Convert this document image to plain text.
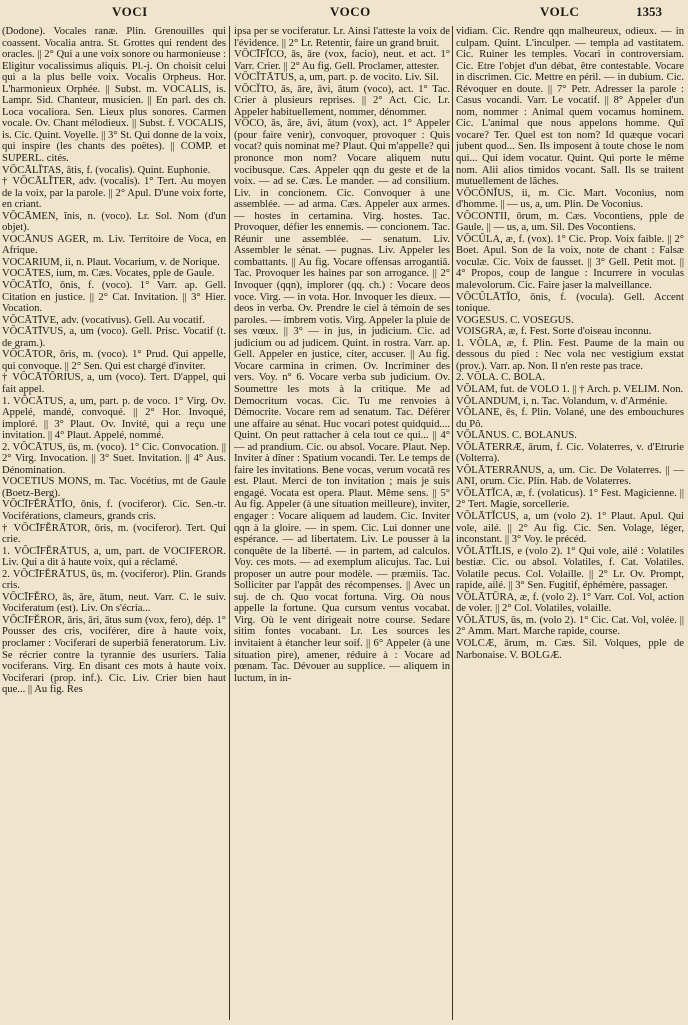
VOCI	VOCO	VOLC	1353

(Dodone). Vocales ranæ. Plin. Grenouilles qui coassent. Vocalia antra. St. Grottes qui rendent des oracles. || 2° Qui a une voix sonore ou harmonieuse : Eligitur vocalissimus aliquis. Pl.-j. On choisit celui qui a la plus belle voix. Vocalis Orpheus. Hor. L'harmonieux Orphée. || Subst. m. VOCALIS, is. Lampr. Sid. Chanteur, musicien. || En parl. des ch. Loca vocaliora. Sen. Lieux plus sonores. Carmen vocale. Ov. Chant mélodieux. || Subst. f. VOCALIS, is. Cic. Quint. Voyelle. || 3° St. Qui donne de la voix, qui inspire (les chants des poëtes). || COMP. et SUPERL. cités.

VŌCĀLĬTAS, ātis, f. (vocalis). Quint. Euphonie.

† VŌCĀLĬTER, adv. (vocalis). 1° Tert. Au moyen de la voix, par la parole. || 2° Apul. D'une voix forte, en criant.

VŌCĀMEN, ĭnis, n. (voco). Lr. Sol. Nom (d'un objet).

VOCĀNUS AGER, m. Liv. Territoire de Voca, en Afrique.

VOCARIUM, ii, n. Plaut. Vocarium, v. de Norique.

VOCĀTES, ium, m. Cæs. Vocates, pple de Gaule.

VŎCĀTĬO, ōnis, f. (voco). 1° Varr. ap. Gell. Citation en justice. || 2° Cat. Invitation. || 3° Hier. Vocation.

VŎCĀTĪVE, adv. (vocativus). Gell. Au vocatif.

VŎCĀTĪVUS, a, um (voco). Gell. Prisc. Vocatif (t. de gram.).

VŎCĀTOR, ōris, m. (voco). 1° Prud. Qui appelle, qui convoque. || 2° Sen. Qui est chargé d'inviter.

† VŎCĀTŌRIUS, a, um (voco). Tert. D'appel, qui fait appel.

1. VŎCĀTUS, a, um, part. p. de voco. 1° Virg. Ov. Appelé, mandé, convoqué. || 2° Hor. Invoqué, imploré. || 3° Plaut. Ov. Invité, qui a reçu une invitation. || 4° Plaut. Appelé, nommé.

2. VŎCĀTUS, ūs, m. (voco). 1° Cic. Convocation. || 2° Virg. Invocation. || 3° Suet. Invitation. || 4° Aus. Dénomination.

VOCETIUS MONS, m. Tac. Vocétius, mt de Gaule (Boetz-Berg).

VŌCĪFĔRĀTĬO, ōnis, f. (vociferor). Cic. Sen.-tr. Vociférations, clameurs, grands cris.

† VŌCĪFĔRĀTOR, ōris, m. (vociferor). Tert. Qui crie.

1. VŌCĪFĔRĀTUS, a, um, part. de VOCIFEROR. Liv. Qui a dit à haute voix, qui a réclamé.

2. VŌCĪFĔRĀTUS, ūs, m. (vociferor). Plin. Grands cris.

VŌCĪFĔRO, ās, āre, ātum, neut. Varr. C. le suiv. Vociferatum (est). Liv. On s'écria...

VŌCĪFĔROR, āris, āri, ātus sum (vox, fero), dép. 1° Pousser des cris, vociférer, dire à haute voix, proclamer : Vociferari de superbiā feneratorum. Liv. Se récrier contre la tyrannie des usuriers. Talia vociferans. Virg. En disant ces mots à haute voix. Vociferari (prop. inf.). Cic. Liv. Crier bien haut que... || Au fig. Res

ipsa per se vociferatur. Lr. Ainsi l'atteste la voix de l'évidence. || 2° Lr. Retentir, faire un grand bruit.

VŌCĪFĬCO, ās, āre (vox, facio), neut. et act. 1° Varr. Crier. || 2° Au fig. Gell. Proclamer, attester.

VŌCĬTĀTUS, a, um, part. p. de vocito. Liv. Sil.

VŌCĬTO, ās, āre, āvi, ātum (voco), act. 1° Tac. Crier à plusieurs reprises. || 2° Act. Cic. Lr. Appeler habituellement, nommer, dénommer.

VŌCO, ās, āre, āvi, ātum (vox), act. 1° Appeler (pour faire venir), convoquer, provoquer : Quis vocat? quis nominat me? Plaut. Qui m'appelle? qui prononce mon nom? Vocare aliquem nutu vocibusque. Cæs. Appeler qqn du geste et de la voix. — ad se. Cæs. Le mander. — ad consilium. Liv. in concionem. Cic. Convoquer à une assemblée. — ad arma. Cæs. Appeler aux armes. — hostes in certamina. Virg. hostes. Tac. Provoquer, défier les ennemis. — concionem. Tac. Réunir une assemblée. — senatum. Liv. Assembler le sénat. — pugnas. Liv. Appeler les combattants. || Au fig. Vocare offensas arrogantiā. Tac. Provoquer les haines par son arrogance. || 2° Invoquer (qqn), implorer (qq. ch.) : Vocare deos voce. Virg. — in vota. Hor. Invoquer les dieux. — deos in verba. Ov. Prendre le ciel à témoin de ses paroles. — imbrem votis. Virg. Appeler la pluie de ses vœux. || 3° — in jus, in judicium. Cic. ad judicium ou ad judicem. Quint. in rostra. Varr. ap. Gell. Appeler en justice, citer, accuser. || Au fig. Vocare carmina in crimen. Ov. Incriminer des vers. Voy. n° 6. Vocare verba sub judicium. Ov. Soumettre les mots à la critique. Me ad Democritum vocas. Cic. Tu me renvoies à Démocrite. Vocare rem ad senatum. Tac. Déférer une affaire au sénat. Huc vocari potest quidquid.... Quint. On peut rattacher à cela tout ce qui... || 4° — ad prandium. Cic. ou absol. Vocare. Plaut. Nep. Inviter à dîner : Spatium vocandi. Ter. Le temps de faire les invitations. Bene vocas, verum vocatā res est. Plaut. Merci de ton invitation ; mais je suis engagé. Vocata est opera. Plaut. Même sens. || 5° Au fig. Appeler (à une situation meilleure), inviter, engager : Vocare aliquem ad laudem. Cic. Inviter qqn à la gloire. — in spem. Cic. Lui donner une espérance. — ad libertatem. Liv. Le pousser à la conquête de la liberté. — in partem, ad calculos. Voy. ces mots. — ad exemplum alicujus. Tac. Lui proposer un autre pour modèle. — præmiis. Tac. Solliciter par l'appât des récompenses. || Avec un suj. de ch. Quo vocat fortuna. Virg. Où nous appelle la fortune. Qua cursum ventus vocabat. Virg. Où le vent dirigeait notre course. Sedare sitim fontes vocabant. Lr. Les sources les invitaient à étancher leur soif. || 6° Appeler (à une situation pire), amener, réduire à : Vocare ad pœnam. Tac. Dévouer au supplice. — aliquem in luctum, in in-

vidiam. Cic. Rendre qqn malheureux, odieux. — in culpam. Quint. L'inculper. — templa ad vastitatem. Cic. Ruiner les temples. Vocari in controversiam. Cic. Etre l'objet d'un débat, être contestable. Vocare in discrimen. Cic. Mettre en péril. — in dubium. Cic. Révoquer en doute. || 7° Petr. Adresser la parole : Casus vocandi. Varr. Le vocatif. || 8° Appeler d'un nom, nommer : Animal quem vocamus hominem. Cic. L'animal que nous appelons homme. Quî vocare? Ter. Quel est ton nom? Id quæque vocari jubent quod... Sen. Ils imposent à toute chose le nom qui... Qui idem vocatur. Quint. Qui porte le même nom. Alii alios timidos vocant. Sall. Ils se traitent mutuellement de lâches.

VŎCŌNĬUS, ii, m. Cic. Mart. Voconius, nom d'homme. || — us, a, um. Plin. De Voconius.

VŎCONTII, ōrum, m. Cæs. Vocontiens, pple de Gaule. || — us, a, um. Sil. Des Vocontiens.

VŌCŬLA, æ, f. (vox). 1° Cic. Prop. Voix faible. || 2° Boet. Apul. Son de la voix, note de chant : Falsæ voculæ. Cic. Voix de fausset. || 3° Gell. Petit mot. || 4° Propos, coup de langue : Incurrere in voculas malevolorum. Cic. Faire jaser la malveillance.

VŌCŬLĀTĬO, ōnis, f. (vocula). Gell. Accent tonique.

VOGESUS. C. VOSEGUS.

VOISGRA, æ, f. Fest. Sorte d'oiseau inconnu.

1. VŎLA, æ, f. Plin. Fest. Paume de la main ou dessous du pied : Nec vola nec vestigium exstat (prov.). Varr. ap. Non. Il n'en reste pas trace.

2. VŎLA. C. BOLA.

VŎLAM, fut. de VOLO 1. || † Arch. p. VELIM. Non.

VŎLANDUM, i, n. Tac. Volandum, v. d'Arménie.

VŎLANE, ēs, f. Plin. Volané, une des embouchures du Pô.

VŎLĀNUS. C. BOLANUS.

VŎLĀTERRÆ, ārum, f. Cic. Volaterres, v. d'Etrurie (Volterra).

VŎLĀTERRĀNUS, a, um. Cic. De Volaterres. || — ANI, orum. Cic. Plin. Hab. de Volaterres.

VŎLĀTĬCA, æ, f. (volaticus). 1° Fest. Magicienne. || 2° Tert. Magie, sorcellerie.

VŎLĀTĬCUS, a, um (volo 2). 1° Plaut. Apul. Qui vole, ailé. || 2° Au fig. Cic. Sen. Volage, léger, inconstant. || 3° Voy. le précéd.

VŎLĀTĬLIS, e (volo 2). 1° Qui vole, ailé : Volatiles bestiæ. Cic. ou absol. Volatiles, f. Cat. Volatiles. Volatile pecus. Col. Volaille. || 2° Lr. Ov. Prompt, rapide, ailé. || 3° Sen. Fugitif, éphémère, passager.

VŎLĀTŪRA, æ, f. (volo 2). 1° Varr. Col. Vol, action de voler. || 2° Col. Volatiles, volaille.

VŎLĀTUS, ūs, m. (volo 2). 1° Cic. Cat. Vol, volée. || 2° Amm. Mart. Marche rapide, course.

VOLCÆ, ārum, m. Cæs. Sil. Volques, pple de Narbonaise. V. BOLGÆ.
